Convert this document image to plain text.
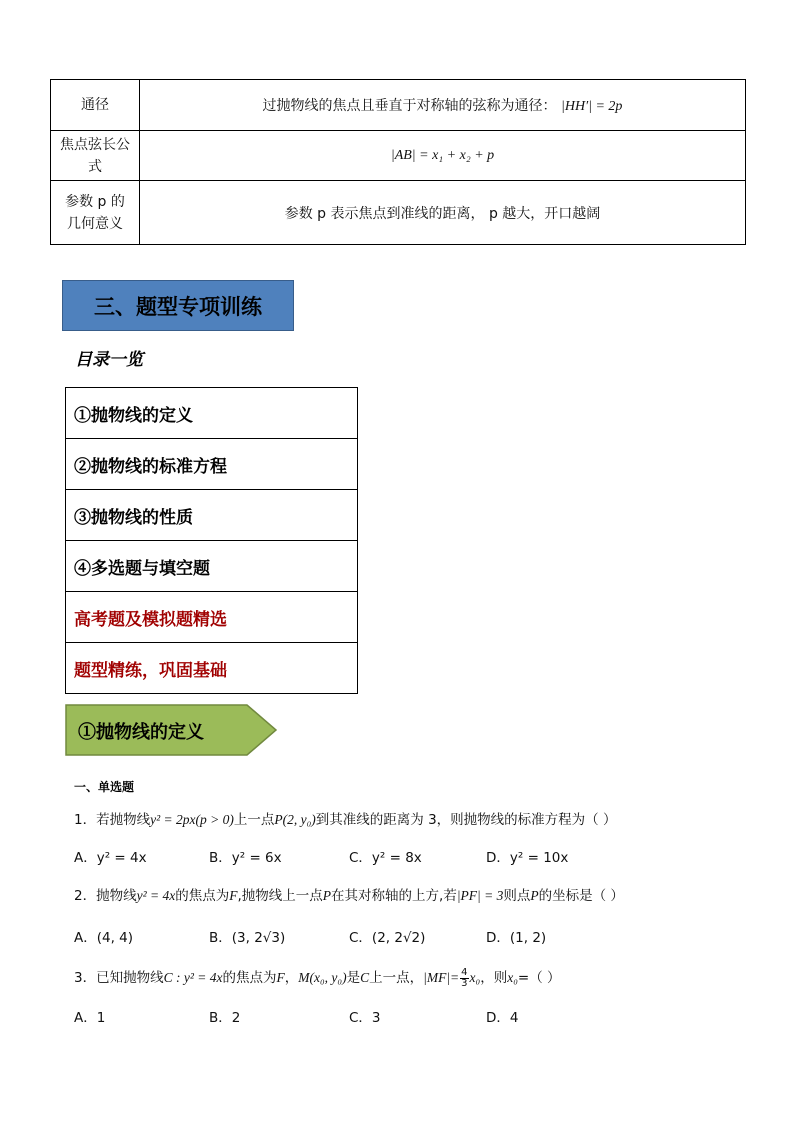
通径	过抛物线的焦点且垂直于对称轴的弦称为通径： |HH′| = 2p
焦点弦长公式	|AB| = x₁ + x₂ + p

参数 p 的
几何意义	参数 p 表示焦点到准线的距离， p 越大，开口越阔
三、题型专项训练
目录一览
①抛物线的定义
②抛物线的标准方程
③抛物线的性质
④多选题与填空题
高考题及模拟题精选
题型精练，巩固基础
①抛物线的定义
一、单选题
1．若抛物线y² = 2px(p > 0)上一点P(2, y₀)到其准线的距离为 3，则抛物线的标准方程为（ ）
A．y² = 4x	B．y² = 6x	C．y² = 8x	D．y² = 10x
2．抛物线y² = 4x的焦点为F,抛物线上一点P在其对称轴的上方,若|PF| = 3则点P的坐标是（ ）
A．(4, 4)	B．(3, 2√3)	C．(2, 2√2)	D．(1, 2)
3．已知抛物线C : y² = 4x的焦点为F，M(x₀, y₀)是C上一点，$|MF|= \frac{4}{3} x_0$，则x₀=（ ）
A．1	B．2	C．3	D．4
